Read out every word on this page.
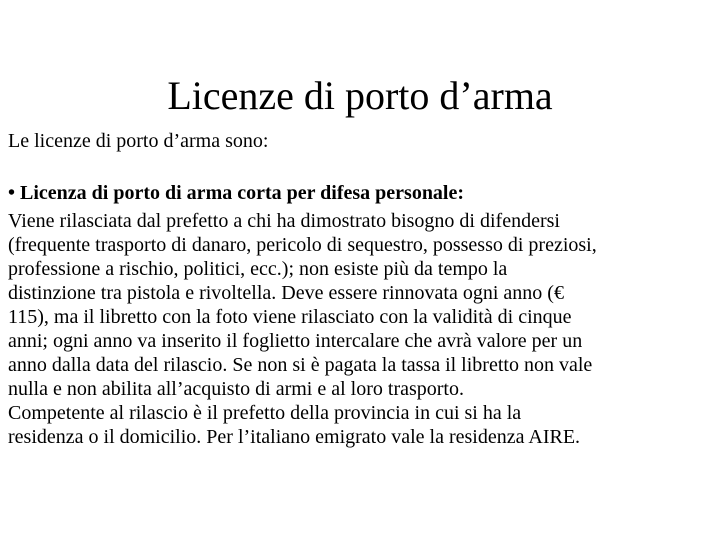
Licenze di porto d’arma
Le licenze di porto d’arma sono:
• Licenza di porto di arma corta per difesa personale:
Viene rilasciata dal prefetto a chi ha dimostrato bisogno di difendersi
(frequente trasporto di danaro, pericolo di sequestro, possesso di preziosi,
professione a rischio, politici, ecc.); non esiste più da tempo la
distinzione tra pistola e rivoltella. Deve essere rinnovata ogni anno (€
115), ma il libretto con la foto viene rilasciato con la validità di cinque
anni; ogni anno va inserito il foglietto intercalare che avrà valore per un
anno dalla data del rilascio. Se non si è pagata la tassa il libretto non vale
nulla e non abilita all’acquisto di armi e al loro trasporto.
Competente al rilascio è il prefetto della provincia in cui si ha la
residenza o il domicilio. Per l’italiano emigrato vale la residenza AIRE.
